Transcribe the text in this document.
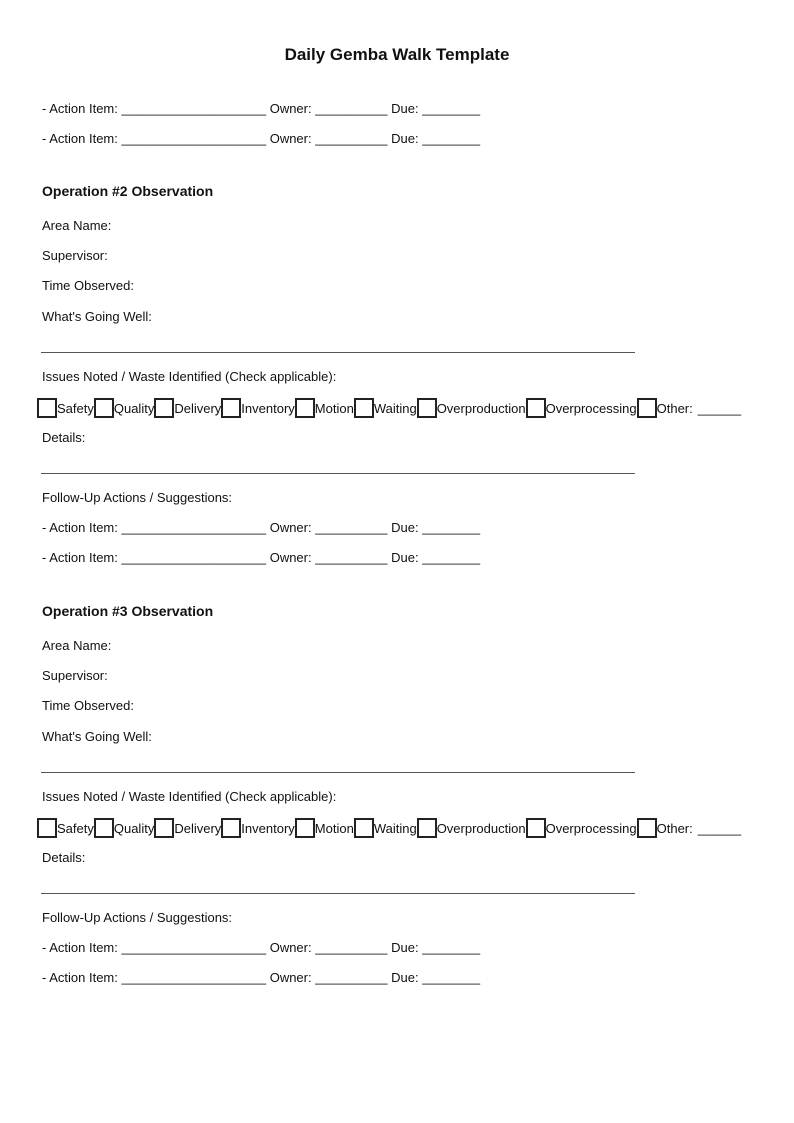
Daily Gemba Walk Template
- Action Item: ____________________ Owner: __________ Due: ________
- Action Item: ____________________ Owner: __________ Due: ________
Operation #2 Observation
Area Name:
Supervisor:
Time Observed:
What's Going Well:
Issues Noted / Waste Identified (Check applicable):
Safety Quality Delivery Inventory Motion Waiting Overproduction Overprocessing Other: ______
Details:
Follow-Up Actions / Suggestions:
- Action Item: ____________________ Owner: __________ Due: ________
- Action Item: ____________________ Owner: __________ Due: ________
Operation #3 Observation
Area Name:
Supervisor:
Time Observed:
What's Going Well:
Issues Noted / Waste Identified (Check applicable):
Safety Quality Delivery Inventory Motion Waiting Overproduction Overprocessing Other: ______
Details:
Follow-Up Actions / Suggestions:
- Action Item: ____________________ Owner: __________ Due: ________
- Action Item: ____________________ Owner: __________ Due: ________
